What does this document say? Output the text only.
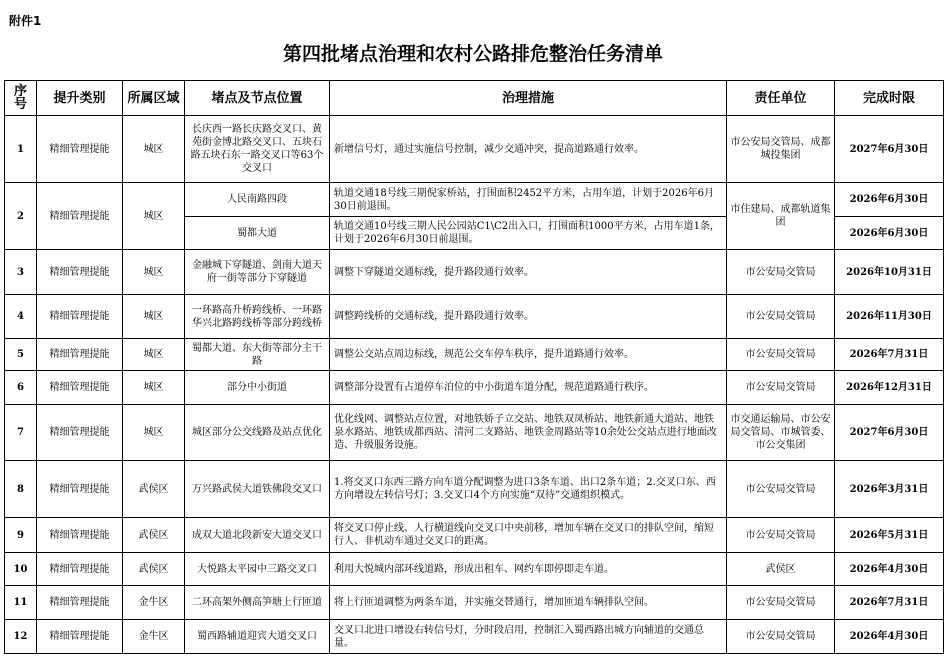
附件1
第四批堵点治理和农村公路排危整治任务清单
序号	提升类别	所属区域	堵点及节点位置	治理措施	责任单位	完成时限
1	精细管理提能	城区	长庆西一路长庆路交叉口、黄苑街金博北路交叉口、五块石路五块石东一路交叉口等63个交叉口	新增信号灯，通过实施信号控制，减少交通冲突，提高道路通行效率。	市公安局交管局、成都城投集团	2027年6月30日
2	精细管理提能	城区	人民南路四段	轨道交通18号线三期倪家桥站，打围面积2452平方米，占用车道，计划于2026年6月30日前退围。	市住建局、成都轨道集团	2026年6月30日
			蜀都大道	轨道交通10号线三期人民公园站C1\C2出入口，打围面积1000平方米，占用车道1条，计划于2026年6月30日前退围。		2026年6月30日
3	精细管理提能	城区	金融城下穿隧道、剑南大道天府一街等部分下穿隧道	调整下穿隧道交通标线，提升路段通行效率。	市公安局交管局	2026年10月31日
4	精细管理提能	城区	一环路高升桥跨线桥、一环路华兴北路跨线桥等部分跨线桥	调整跨线桥的交通标线，提升路段通行效率。	市公安局交管局	2026年11月30日
5	精细管理提能	城区	蜀都大道、东大街等部分主干路	调整公交站点周边标线，规范公交车停车秩序，提升道路通行效率。	市公安局交管局	2026年7月31日
6	精细管理提能	城区	部分中小街道	调整部分设置有占道停车泊位的中小街道车道分配，规范道路通行秩序。	市公安局交管局	2026年12月31日
7	精细管理提能	城区	城区部分公交线路及站点优化	优化线网、调整站点位置，对地铁娇子立交站、地铁双凤桥站、地铁新通大道站、地铁泉水路站、地铁成都西站、清河二支路站、地铁金周路站等10余处公交站点进行地面改造、升级服务设施。	市交通运输局、市公安局交管局、市城管委、市公交集团	2027年6月30日
8	精细管理提能	武侯区	万兴路武侯大道铁佛段交叉口	1.将交叉口东西三路方向车道分配调整为进口3条车道、出口2条车道；2.交叉口东、西方向增设左转信号灯；3.交叉口4个方向实施“双待”交通组织模式。	市公安局交管局	2026年3月31日
9	精细管理提能	武侯区	成双大道北段新安大道交叉口	将交叉口停止线、人行横道线向交叉口中央前移，增加车辆在交叉口的排队空间，缩短行人、非机动车通过交叉口的距离。	市公安局交管局	2026年5月31日
10	精细管理提能	武侯区	大悦路太平园中三路交叉口	利用大悦城内部环线道路，形成出租车、网约车即停即走车道。	武侯区	2026年4月30日
11	精细管理提能	金牛区	二环高架外侧高笋塘上行匝道	将上行匝道调整为两条车道，并实施交替通行，增加匝道车辆排队空间。	市公安局交管局	2026年7月31日
12	精细管理提能	金牛区	蜀西路辅道迎宾大道交叉口	交叉口北进口增设右转信号灯，分时段启用，控制汇入蜀西路出城方向辅道的交通总量。	市公安局交管局	2026年4月30日
